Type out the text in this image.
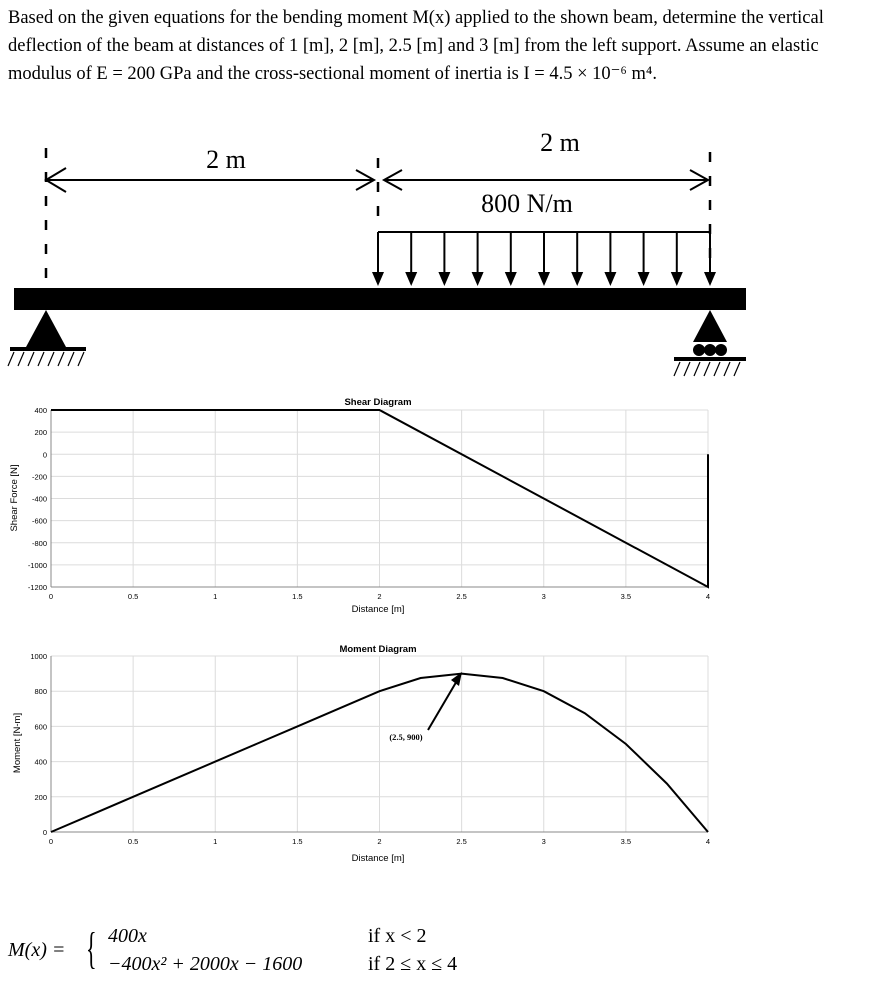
Based on the given equations for the bending moment M(x) applied to the shown beam, determine the vertical deflection of the beam at distances of 1 [m], 2 [m], 2.5 [m] and 3 [m] from the left support. Assume an elastic modulus of E = 200 GPa and the cross-sectional moment of inertia is I = 4.5 × 10⁻⁶ m⁴.

2 m
2 m
800 N/m
0	0.5	1	1.5	2	2.5	3	3.5	4
400
200
0
-200
-400
-600
-800
-1000
-1200
Shear Diagram
Distance [m]
Shear Force [N]
0	0.5	1	1.5	2	2.5	3	3.5	4
1000
800
600
400
200
0
Moment Diagram
Distance [m]
Moment [N-m]	(2.5, 900)
M(x) = { 400x	if x < 2
−400x² + 2000x − 1600	if 2 ≤ x ≤ 4
